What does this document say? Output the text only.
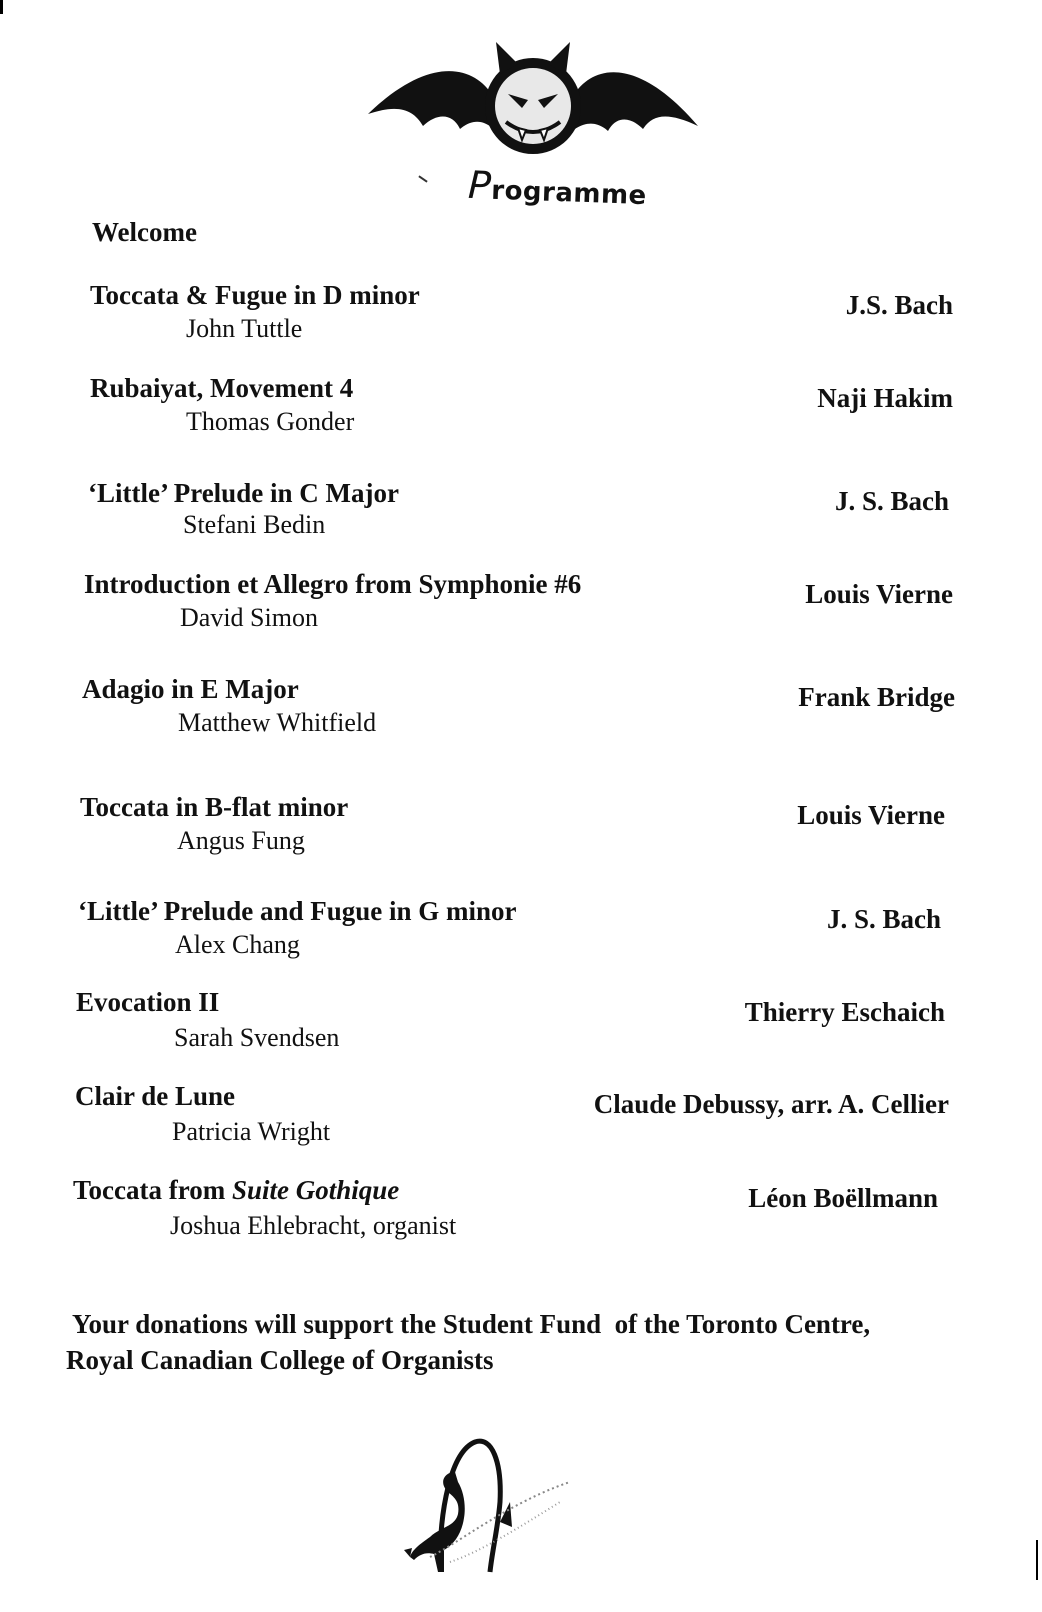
Programme
Welcome
Toccata & Fugue in D minor
John Tuttle
J.S. Bach
Rubaiyat, Movement 4
Thomas Gonder
Naji Hakim
‘Little’ Prelude in C Major
Stefani Bedin
J. S. Bach
Introduction et Allegro from Symphonie #6
David Simon
Louis Vierne
Adagio in E Major
Matthew Whitfield
Frank Bridge
Toccata in B-flat minor
Angus Fung
Louis Vierne
‘Little’ Prelude and Fugue in G minor
Alex Chang
J. S. Bach
Evocation II
Sarah Svendsen
Thierry Eschaich
Clair de Lune
Patricia Wright
Claude Debussy, arr. A. Cellier
Toccata from Suite Gothique
Joshua Ehlebracht, organist
Léon Boëllmann
Your donations will support the Student Fund  of the Toronto Centre,
Royal Canadian College of Organists
